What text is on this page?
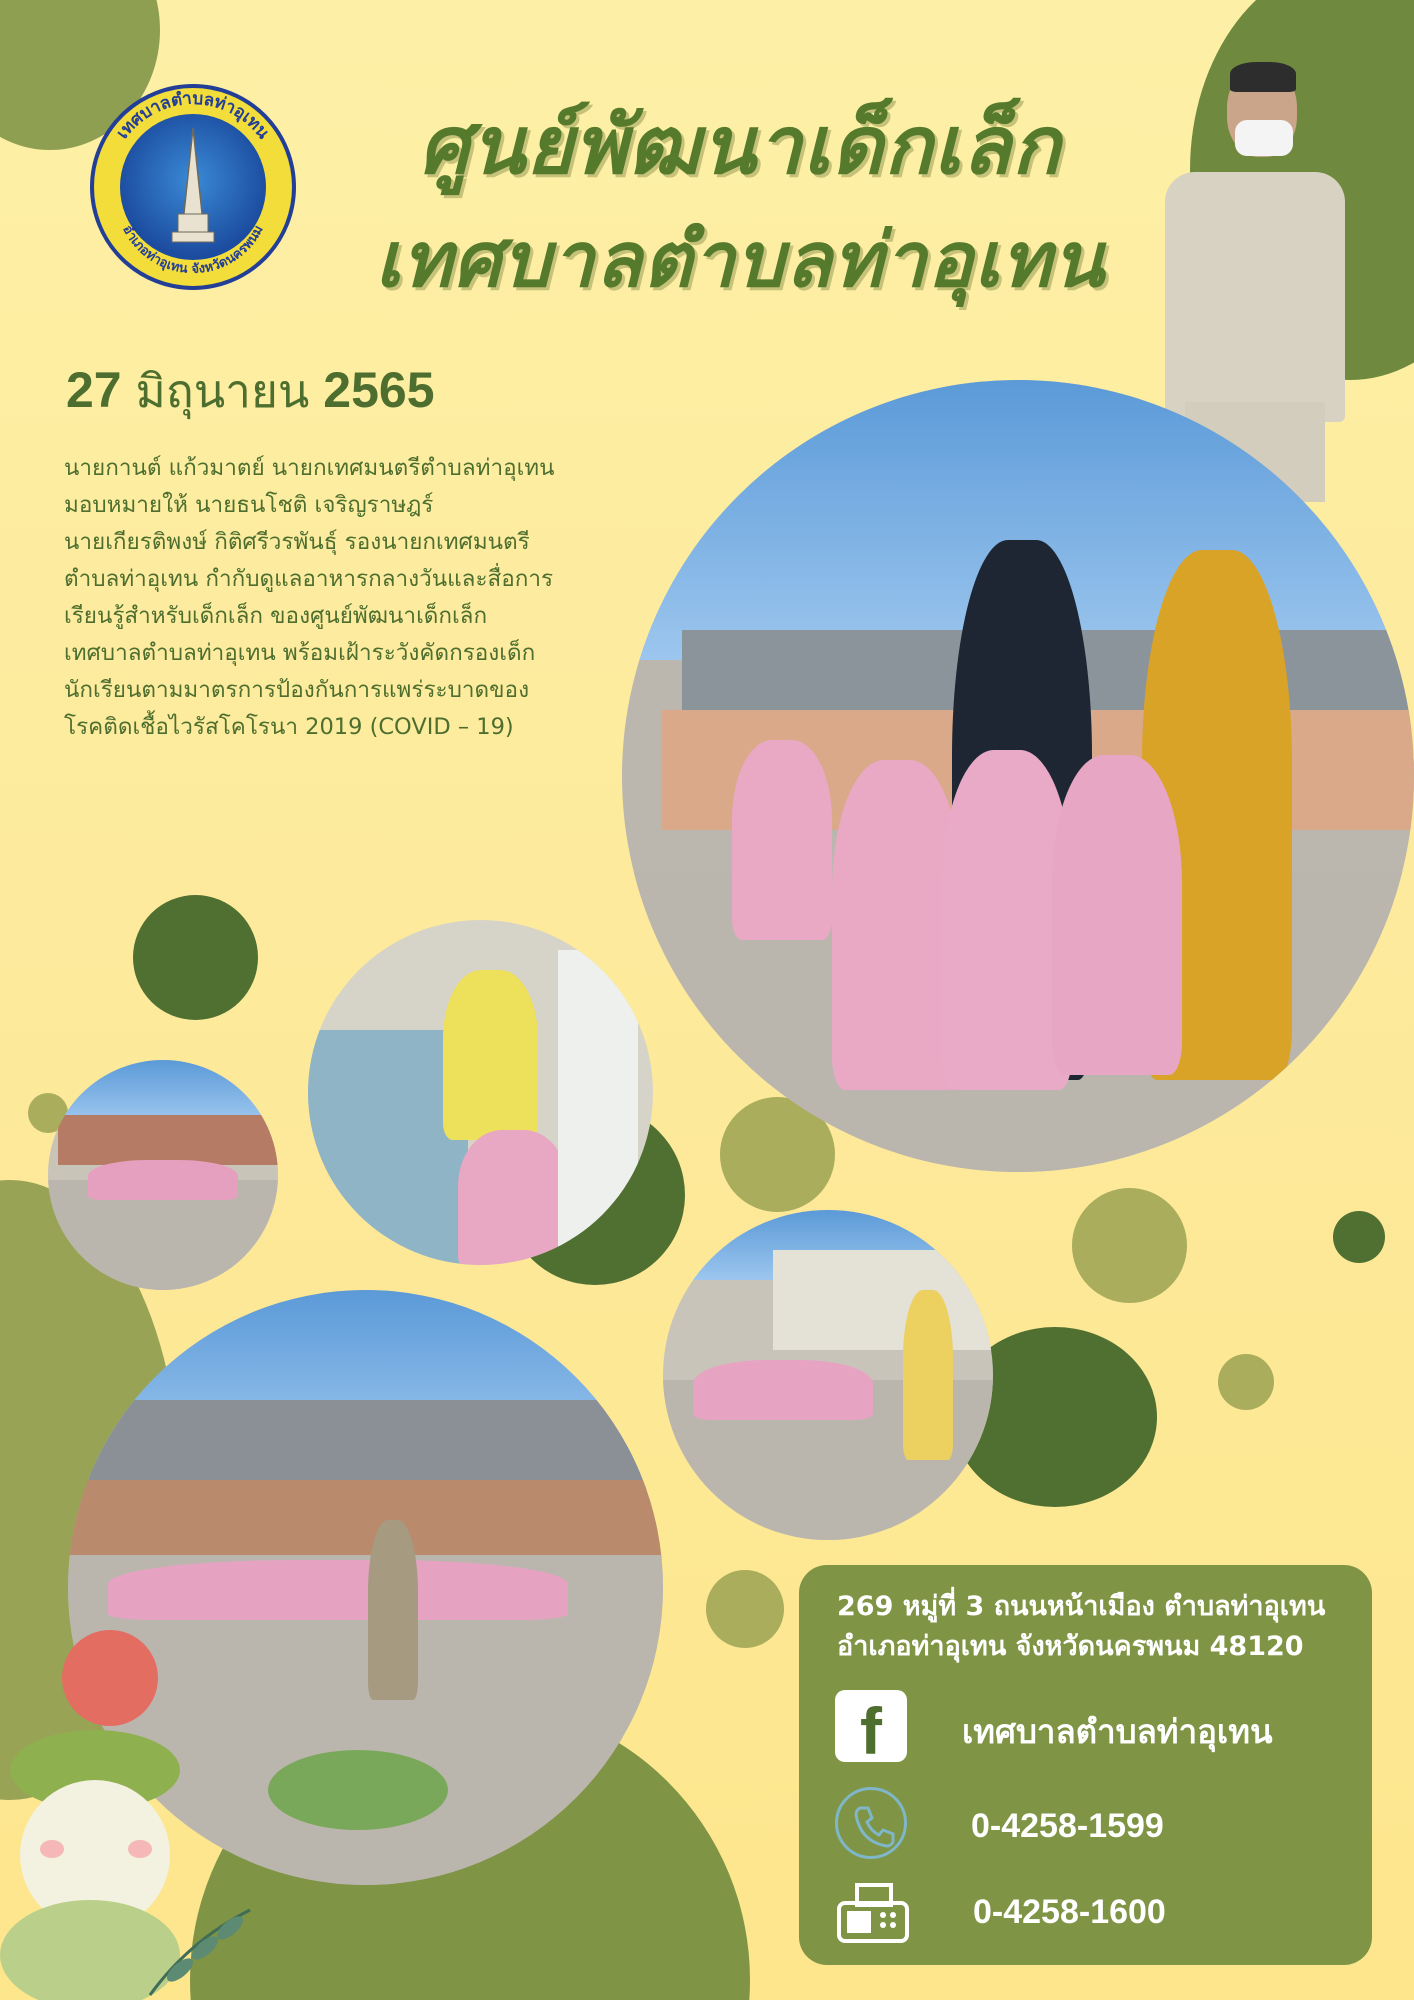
เทศบาลตำบลท่าอุเทน
อำเภอท่าอุเทน จังหวัดนครพนม
ศูนย์พัฒนาเด็กเล็ก
เทศบาลตำบลท่าอุเทน
27 มิถุนายน 2565
นายกานต์ แก้วมาตย์ นายกเทศมนตรีตำบลท่าอุเทน
มอบหมายให้ นายธนโชติ เจริญราษฎร์
นายเกียรติพงษ์ กิติศรีวรพันธุ์ รองนายกเทศมนตรี
ตำบลท่าอุเทน กำกับดูแลอาหารกลางวันและสื่อการ
เรียนรู้สำหรับเด็กเล็ก ของศูนย์พัฒนาเด็กเล็ก
เทศบาลตำบลท่าอุเทน พร้อมเฝ้าระวังคัดกรองเด็ก
นักเรียนตามมาตรการป้องกันการแพร่ระบาดของ
โรคติดเชื้อไวรัสโคโรนา 2019 (COVID – 19)
269 หมู่ที่ 3 ถนนหน้าเมือง ตำบลท่าอุเทน
อำเภอท่าอุเทน จังหวัดนครพนม 48120
f	เทศบาลตำบลท่าอุเทน
0-4258-1599
0-4258-1600
